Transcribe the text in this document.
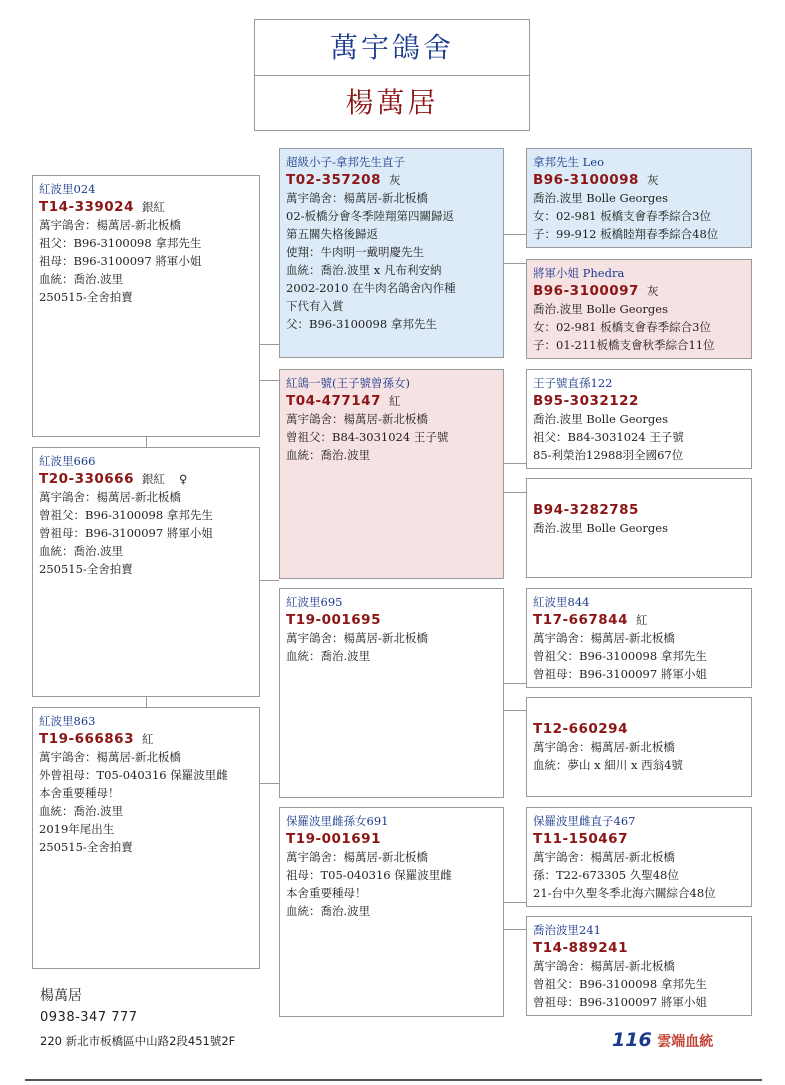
萬宇鴿舍
楊萬居
紅波里024
T14-339024 銀紅
萬宇鴿舍：楊萬居-新北板橋
祖父：B96-3100098 拿邦先生
祖母：B96-3100097 將軍小姐
血統：喬治.波里
250515-全舍拍賣
紅波里666
T20-330666 銀紅 ♀
萬宇鴿舍：楊萬居-新北板橋
曾祖父：B96-3100098 拿邦先生
曾祖母：B96-3100097 將軍小姐
血統：喬治.波里
250515-全舍拍賣
紅波里863
T19-666863 紅
萬宇鴿舍：楊萬居-新北板橋
外曾祖母：T05-040316 保羅波里雌
本舍重要種母！
血統：喬治.波里
2019年尾出生
250515-全舍拍賣
超級小子-拿邦先生直子
T02-357208 灰
萬宇鴿舍：楊萬居-新北板橋
02-板橋分會冬季陸翔第四關歸返
第五關失格後歸返
使翔：牛肉明一戴明慶先生
血統：喬治.波里 x 凡布利安納
2002-2010 在牛肉名鴿舍內作種
下代有入賞
父：B96-3100098 拿邦先生
紅鴿一號(王子號曾孫女)
T04-477147 紅
萬宇鴿舍：楊萬居-新北板橋
曾祖父：B84-3031024 王子號
血統：喬治.波里
紅波里695
T19-001695
萬宇鴿舍：楊萬居-新北板橋
血統：喬治.波里
保羅波里雌孫女691
T19-001691
萬宇鴿舍：楊萬居-新北板橋
祖母：T05-040316 保羅波里雌
本舍重要種母！
血統：喬治.波里
拿邦先生 Leo
B96-3100098 灰
喬治.波里 Bolle Georges
女：02-981 板橋支會春季綜合3位
子：99-912 板橋睦翔春季綜合48位
將軍小姐 Phedra
B96-3100097 灰
喬治.波里 Bolle Georges
女：02-981 板橋支會春季綜合3位
子：01-211板橋支會秋季綜合11位
王子號直孫122
B95-3032122
喬治.波里 Bolle Georges
祖父：B84-3031024 王子號
85-利榮治12988羽全國67位
B94-3282785
喬治.波里 Bolle Georges
紅波里844
T17-667844 紅
萬宇鴿舍：楊萬居-新北板橋
曾祖父：B96-3100098 拿邦先生
曾祖母：B96-3100097 將軍小姐
T12-660294
萬宇鴿舍：楊萬居-新北板橋
血統：夢山 x 細川 x 西翁4號
保羅波里雌直子467
T11-150467
萬宇鴿舍：楊萬居-新北板橋
孫：T22-673305 久聖48位
21-台中久聖冬季北海六關綜合48位
喬治波里241
T14-889241
萬宇鴿舍：楊萬居-新北板橋
曾祖父：B96-3100098 拿邦先生
曾祖母：B96-3100097 將軍小姐
楊萬居
0938-347 777
220 新北市板橋區中山路2段451號2F	116 雲端血統
